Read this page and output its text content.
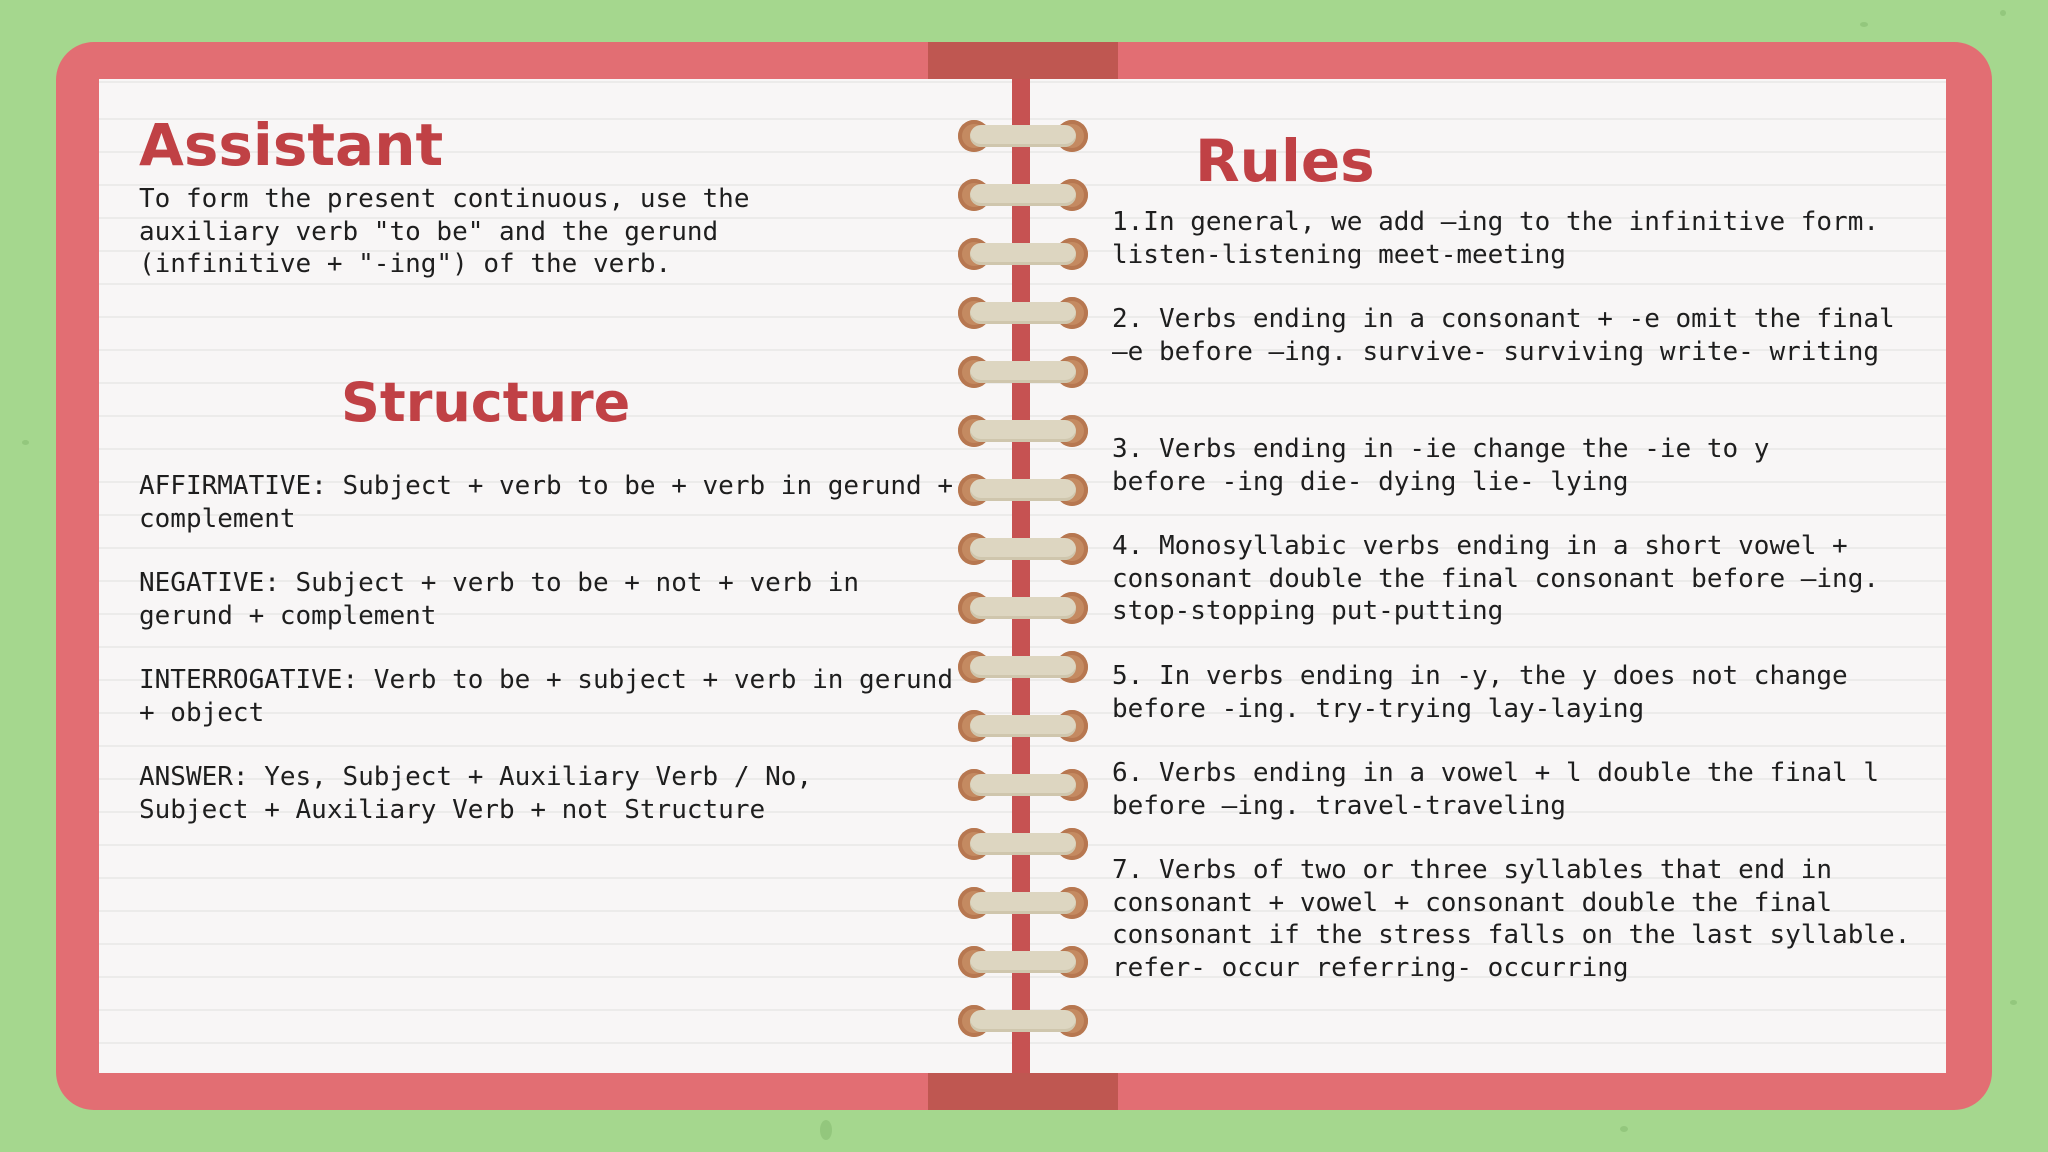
Assistant

To form the present continuous, use the auxiliary verb "to be" and the gerund (infinitive + "-ing") of the verb.

Structure

AFFIRMATIVE: Subject + verb to be + verb in gerund + complement

NEGATIVE: Subject + verb to be + not + verb in gerund + complement

INTERROGATIVE: Verb to be + subject + verb in gerund + object

ANSWER: Yes, Subject + Auxiliary Verb / No, Subject + Auxiliary Verb + not Structure

Rules

1.In general, we add –ing to the infinitive form. listen-listening meet-meeting

2. Verbs ending in a consonant + -e omit the final –e before –ing. survive- surviving write- writing

3. Verbs ending in -ie change the -ie to y before -ing die- dying lie- lying

4. Monosyllabic verbs ending in a short vowel + consonant double the final consonant before –ing. stop-stopping put-putting

5. In verbs ending in -y, the y does not change before -ing. try-trying lay-laying

6. Verbs ending in a vowel + l double the final l before –ing. travel-traveling

7. Verbs of two or three syllables that end in consonant + vowel + consonant double the final consonant if the stress falls on the last syllable. refer- occur referring- occurring
